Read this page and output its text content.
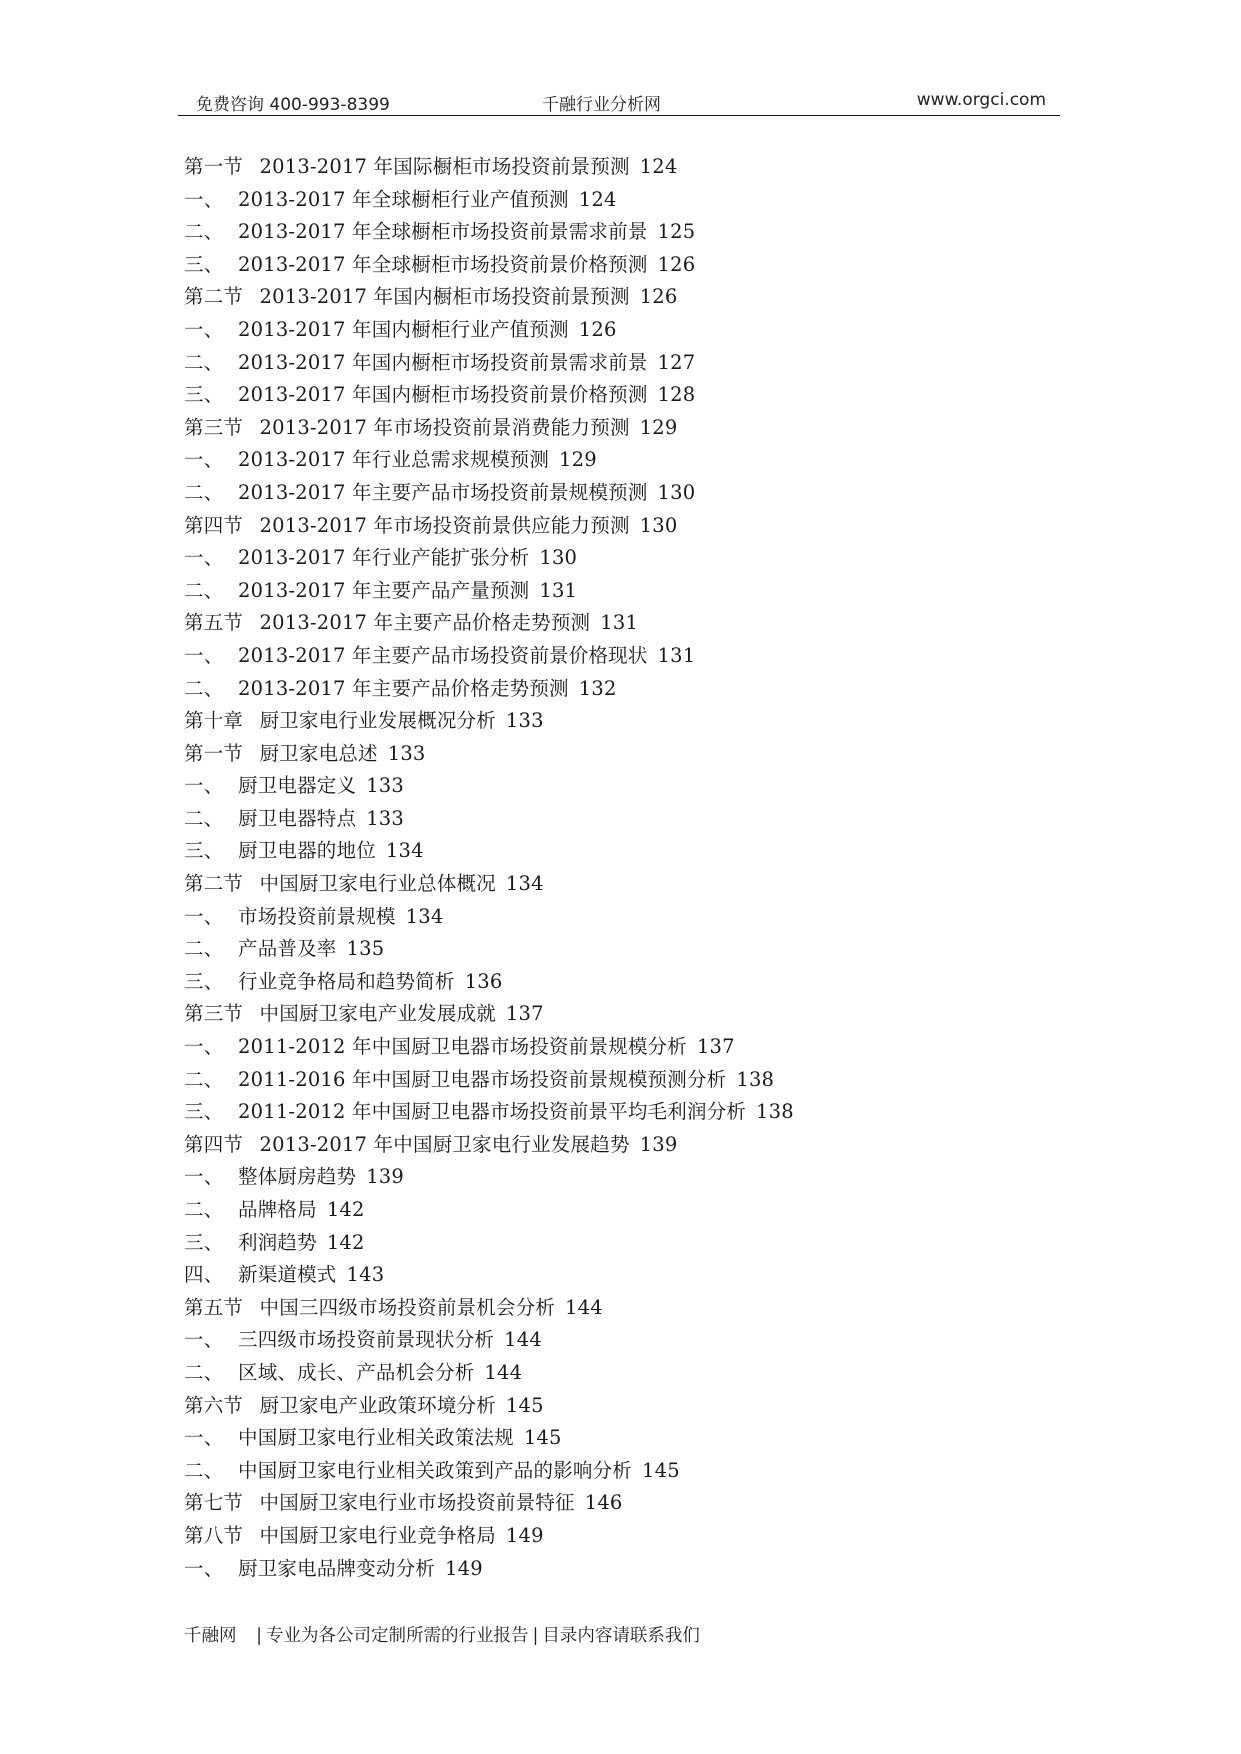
免费咨询 400-993-8399	千融行业分析网	www.orgci.com
第一节 2013-2017 年国际橱柜市场投资前景预测 124
一、 2013-2017 年全球橱柜行业产值预测 124
二、 2013-2017 年全球橱柜市场投资前景需求前景 125
三、 2013-2017 年全球橱柜市场投资前景价格预测 126
第二节 2013-2017 年国内橱柜市场投资前景预测 126
一、 2013-2017 年国内橱柜行业产值预测 126
二、 2013-2017 年国内橱柜市场投资前景需求前景 127
三、 2013-2017 年国内橱柜市场投资前景价格预测 128
第三节 2013-2017 年市场投资前景消费能力预测 129
一、 2013-2017 年行业总需求规模预测 129
二、 2013-2017 年主要产品市场投资前景规模预测 130
第四节 2013-2017 年市场投资前景供应能力预测 130
一、 2013-2017 年行业产能扩张分析 130
二、 2013-2017 年主要产品产量预测 131
第五节 2013-2017 年主要产品价格走势预测 131
一、 2013-2017 年主要产品市场投资前景价格现状 131
二、 2013-2017 年主要产品价格走势预测 132
第十章 厨卫家电行业发展概况分析 133
第一节 厨卫家电总述 133
一、 厨卫电器定义 133
二、 厨卫电器特点 133
三、 厨卫电器的地位 134
第二节 中国厨卫家电行业总体概况 134
一、 市场投资前景规模 134
二、 产品普及率 135
三、 行业竞争格局和趋势简析 136
第三节 中国厨卫家电产业发展成就 137
一、 2011-2012 年中国厨卫电器市场投资前景规模分析 137
二、 2011-2016 年中国厨卫电器市场投资前景规模预测分析 138
三、 2011-2012 年中国厨卫电器市场投资前景平均毛利润分析 138
第四节 2013-2017 年中国厨卫家电行业发展趋势 139
一、 整体厨房趋势 139
二、 品牌格局 142
三、 利润趋势 142
四、 新渠道模式 143
第五节 中国三四级市场投资前景机会分析 144
一、 三四级市场投资前景现状分析 144
二、 区域、成长、产品机会分析 144
第六节 厨卫家电产业政策环境分析 145
一、 中国厨卫家电行业相关政策法规 145
二、 中国厨卫家电行业相关政策到产品的影响分析 145
第七节 中国厨卫家电行业市场投资前景特征 146
第八节 中国厨卫家电行业竞争格局 149
一、 厨卫家电品牌变动分析 149
千融网 | 专业为各公司定制所需的行业报告 | 目录内容请联系我们
